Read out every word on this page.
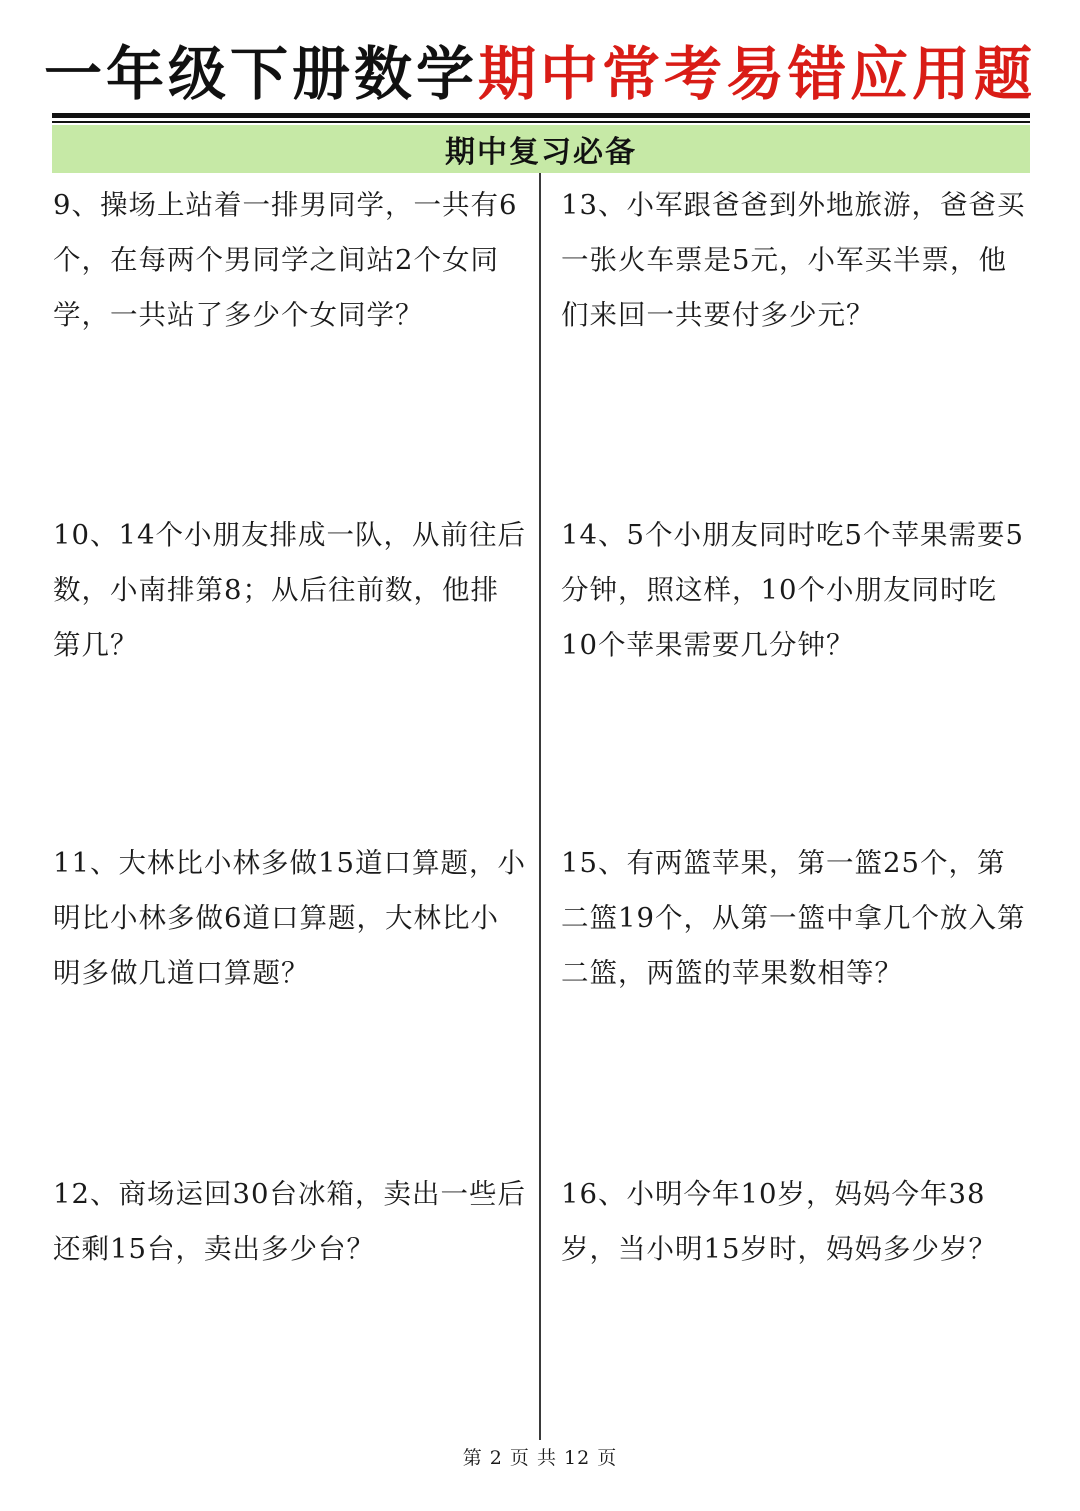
一年级下册数学期中常考易错应用题
期中复习必备

9、操场上站着一排男同学，一共有6个，在每两个男同学之间站2个女同学，一共站了多少个女同学？

10、14个小朋友排成一队，从前往后数，小南排第8；从后往前数，他排第几？

11、大林比小林多做15道口算题，小明比小林多做6道口算题，大林比小明多做几道口算题？

12、商场运回30台冰箱，卖出一些后还剩15台，卖出多少台？

13、小军跟爸爸到外地旅游，爸爸买一张火车票是5元，小军买半票，他们来回一共要付多少元？

14、5个小朋友同时吃5个苹果需要5分钟，照这样，10个小朋友同时吃10个苹果需要几分钟？

15、有两篮苹果，第一篮25个，第二篮19个，从第一篮中拿几个放入第二篮，两篮的苹果数相等？

16、小明今年10岁，妈妈今年38岁，当小明15岁时，妈妈多少岁？

第 2 页 共 12 页
